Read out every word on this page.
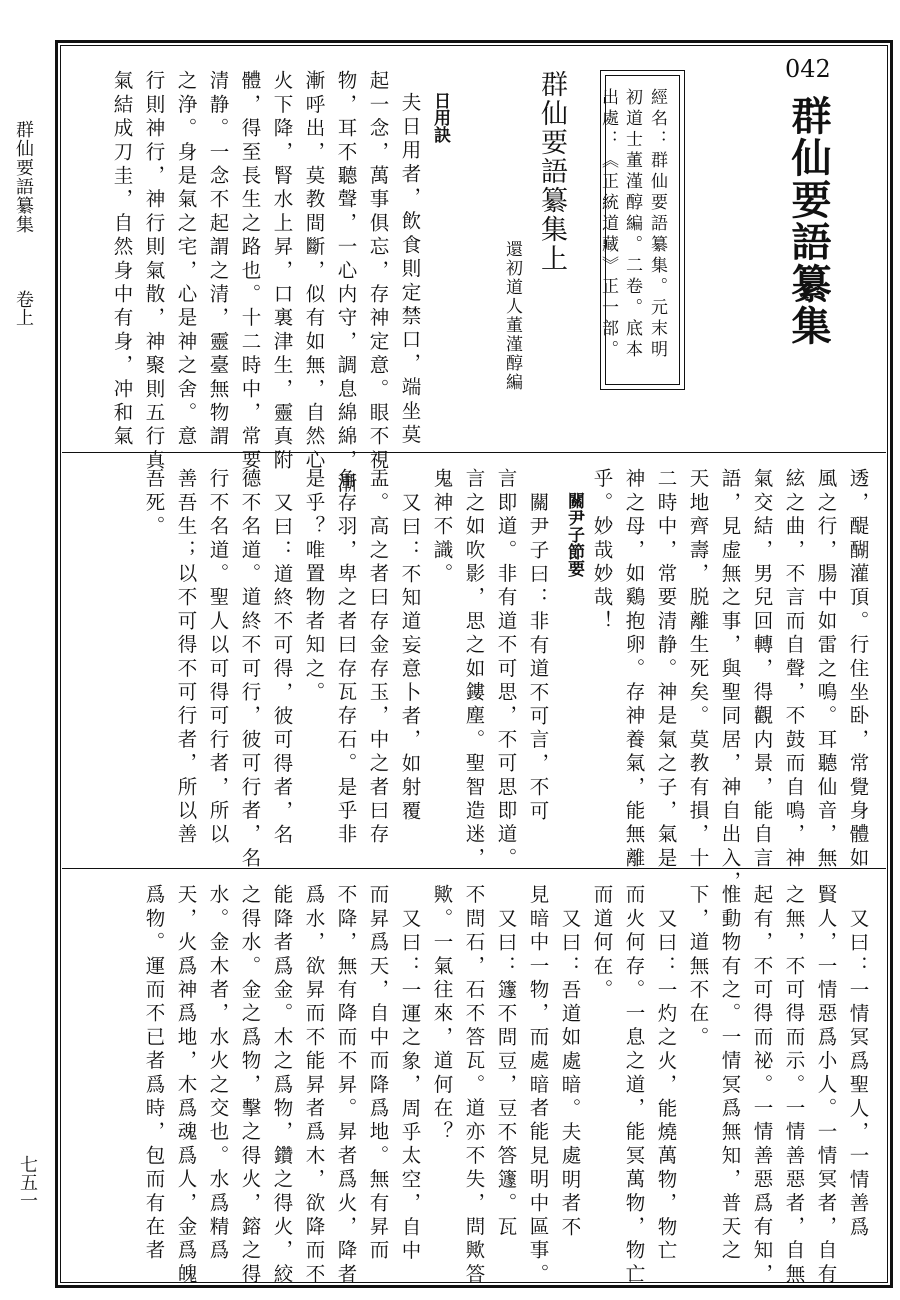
群仙要語纂集
卷上
七五一
042
群仙要語纂集
經名：群仙要語纂集。元末明
初道士董漌醇編。二卷。底本
出處：《正統道藏》正一部。
群仙要語纂集上
還初道人董漌醇編
日用訣
夫日用者，飲食則定禁口，端坐莫
起一念，萬事俱忘，存神定意。眼不視
物，耳不聽聲，一心内守，調息綿綿，漸
漸呼出，莫教間斷，似有如無，自然心
火下降，腎水上昇，口裏津生，靈真附
體，得至長生之路也。十二時中，常要
清静。一念不起謂之清，靈臺無物謂
之浄。身是氣之宅，心是神之舍。意
行則神行，神行則氣散，神聚則五行真
氣結成刀圭，自然身中有身，冲和氣
透，醍醐灌頂。行住坐卧，常覺身體如
風之行，腸中如雷之鳴。耳聽仙音，無
絃之曲，不言而自聲，不鼓而自鳴，神
氣交結，男兒回轉，得觀内景，能自言
語，見虚無之事，與聖同居，神自出入，
天地齊壽，脱離生死矣。莫教有損，十
二時中，常要清静。神是氣之子，氣是
神之母，如鷄抱卵。存神養氣，能無離
乎。妙哉妙哉！
關尹子節要
關尹子曰：非有道不可言，不可
言即道。非有道不可思，不可思即道。
言之如吹影，思之如鏤塵。聖智造迷，
鬼神不識。
又曰：不知道妄意卜者，如射覆
盂。高之者曰存金存玉，中之者曰存
角存羽，卑之者曰存瓦存石。是乎非
是乎？唯置物者知之。
又曰：道終不可得，彼可得者，名
德不名道。道終不可行，彼可行者，名
行不名道。聖人以可得可行者，所以
善吾生；以不可得不可行者，所以善
吾死。
又曰：一情冥爲聖人，一情善爲
賢人，一情惡爲小人。一情冥者，自有
之無，不可得而示。一情善惡者，自無
起有，不可得而祕。一情善惡爲有知，
惟動物有之。一情冥爲無知，普天之
下，道無不在。
又曰：一灼之火，能燒萬物，物亡
而火何存。一息之道，能冥萬物，物亡
而道何在。
又曰：吾道如處暗。夫處明者不
見暗中一物，而處暗者能見明中區事。
又曰：籧不問豆，豆不答籧。瓦
不問石，石不答瓦。道亦不失，問歟答
歟。一氣往來，道何在？
又曰：一運之象，周乎太空，自中
而昇爲天，自中而降爲地。無有昇而
不降，無有降而不昇。昇者爲火，降者
爲水，欲昇而不能昇者爲木，欲降而不
能降者爲金。木之爲物，鑽之得火，絞
之得水。金之爲物，擊之得火，鎔之得
水。金木者，水火之交也。水爲精爲
天，火爲神爲地，木爲魂爲人，金爲魄
爲物。運而不已者爲時，包而有在者
